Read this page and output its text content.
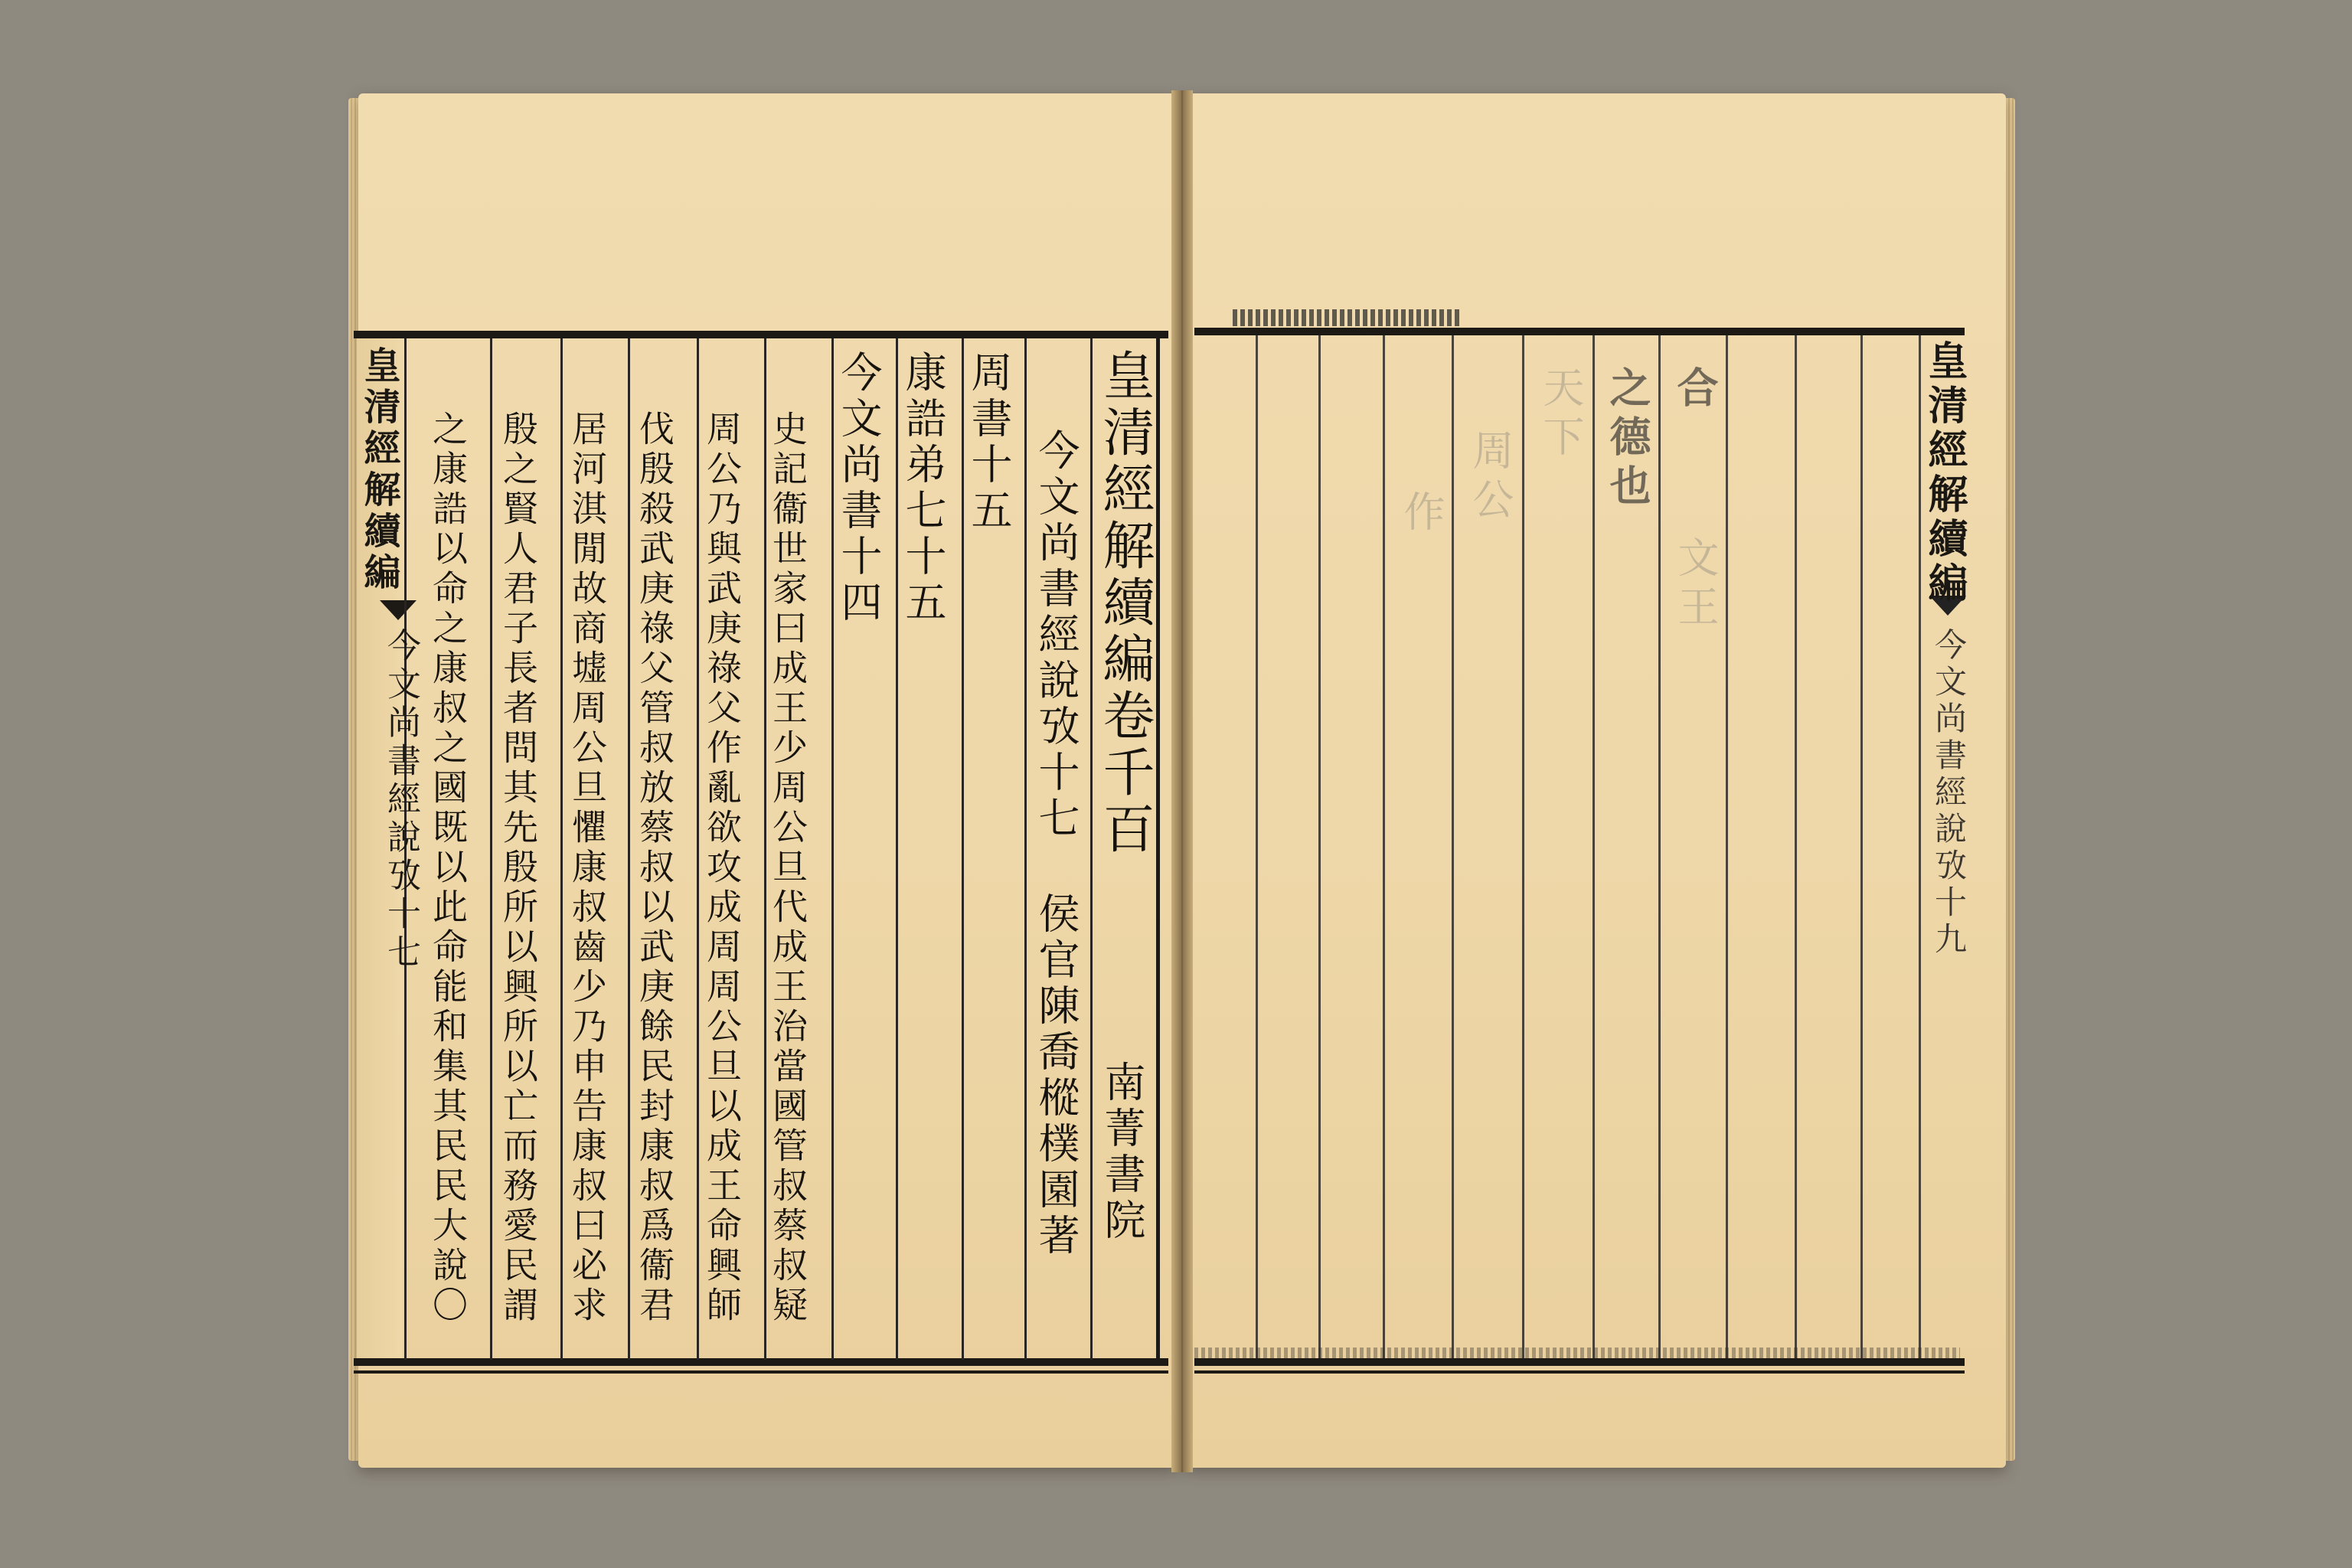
皇清經解續編
今文尚書經說攷十七	皇清經解續編卷千百
今文尚書經說攷十七
南菁書院
侯官陳喬樅樸園著
周書十五
康誥弟七十五
今文尚書十四
史記衞世家曰成王少周公旦代成王治當國管叔蔡叔疑
周公乃與武庚祿父作亂欲攻成周周公旦以成王命興師
伐殷殺武庚祿父管叔放蔡叔以武庚餘民封康叔爲衞君
居河淇閒故商墟周公旦懼康叔齒少乃申告康叔曰必求
殷之賢人君子長者問其先殷所以興所以亡而務愛民謂
之康誥以命之康叔之國既以此命能和集其民民大說〇	皇清經解續編
今文尚書經說攷十九
合
文王
之德也
天下
周公
作
